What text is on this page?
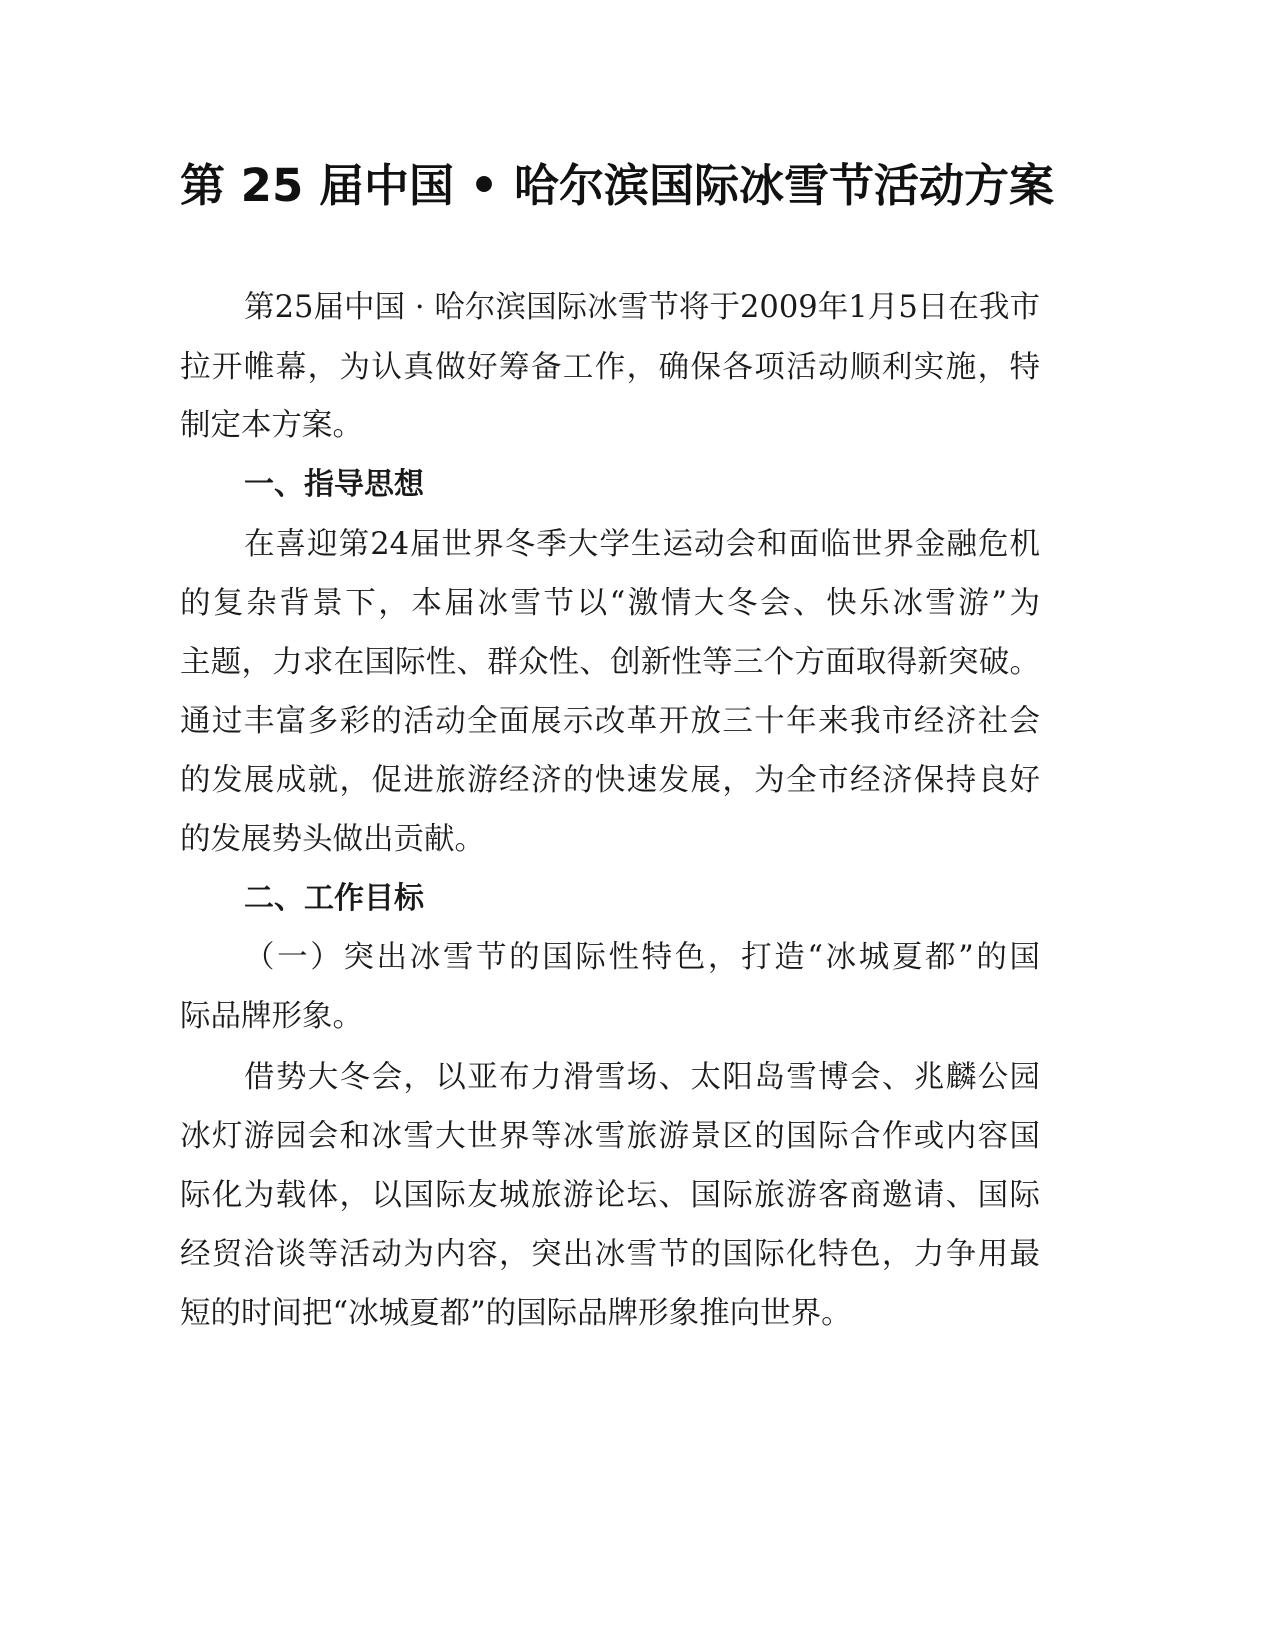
第 25 届中国 • 哈尔滨国际冰雪节活动方案
第25届中国 · 哈尔滨国际冰雪节将于2009年1月5日在我市
拉开帷幕，为认真做好筹备工作，确保各项活动顺利实施，特
制定本方案。
一、指导思想
在喜迎第24届世界冬季大学生运动会和面临世界金融危机
的复杂背景下，本届冰雪节以“激情大冬会、快乐冰雪游”为
主题，力求在国际性、群众性、创新性等三个方面取得新突破。
通过丰富多彩的活动全面展示改革开放三十年来我市经济社会
的发展成就，促进旅游经济的快速发展，为全市经济保持良好
的发展势头做出贡献。
二、工作目标
（一）突出冰雪节的国际性特色，打造“冰城夏都”的国
际品牌形象。
借势大冬会，以亚布力滑雪场、太阳岛雪博会、兆麟公园
冰灯游园会和冰雪大世界等冰雪旅游景区的国际合作或内容国
际化为载体，以国际友城旅游论坛、国际旅游客商邀请、国际
经贸洽谈等活动为内容，突出冰雪节的国际化特色，力争用最
短的时间把“冰城夏都”的国际品牌形象推向世界。
